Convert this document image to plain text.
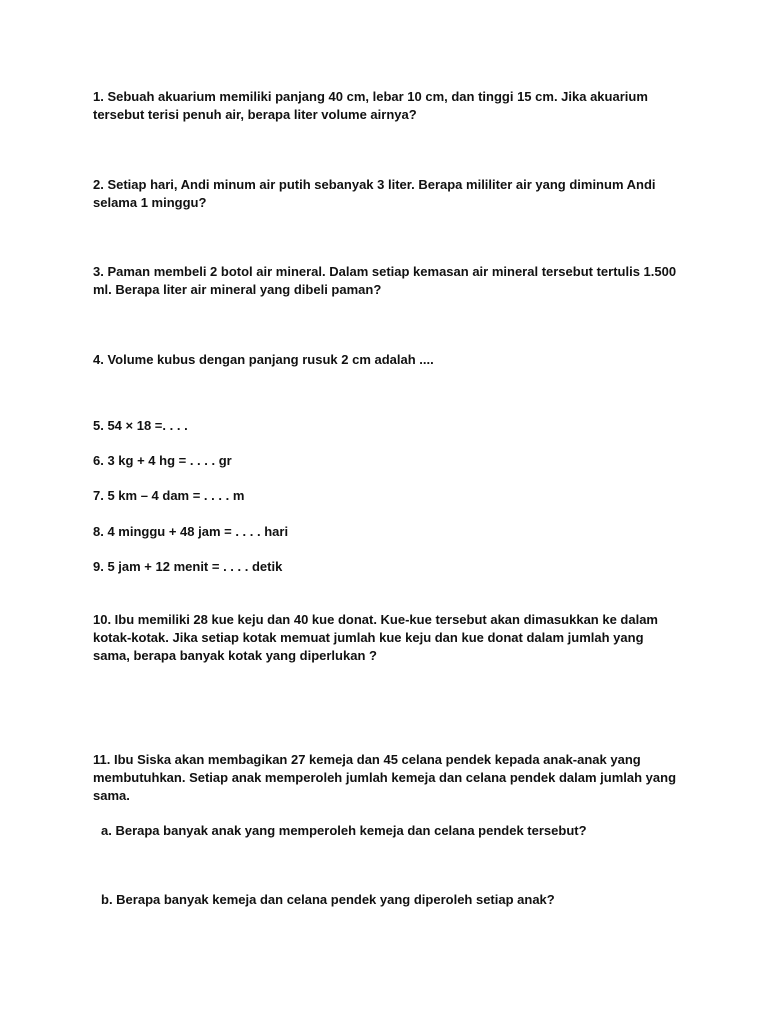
1. Sebuah akuarium memiliki panjang 40 cm, lebar 10 cm, dan tinggi 15 cm. Jika akuarium tersebut terisi penuh air, berapa liter volume airnya?

2. Setiap hari, Andi minum air putih sebanyak 3 liter. Berapa mililiter air yang diminum Andi selama 1 minggu?

3. Paman membeli 2 botol air mineral. Dalam setiap kemasan air mineral tersebut tertulis 1.500 ml. Berapa liter air mineral yang dibeli paman?

4. Volume kubus dengan panjang rusuk 2 cm adalah ....

5. 54 × 18 =. . . .

6. 3 kg + 4 hg = . . . . gr

7. 5 km – 4 dam = . . . . m

8. 4 minggu + 48 jam = . . . . hari

9. 5 jam + 12 menit = . . . . detik

10. Ibu memiliki 28 kue keju dan 40 kue donat. Kue-kue tersebut akan dimasukkan ke dalam kotak-kotak. Jika setiap kotak memuat jumlah kue keju dan kue donat dalam jumlah yang sama, berapa banyak kotak yang diperlukan ?

11. Ibu Siska akan membagikan 27 kemeja dan 45 celana pendek kepada anak-anak yang membutuhkan. Setiap anak memperoleh jumlah kemeja dan celana pendek dalam jumlah yang sama.

a. Berapa banyak anak yang memperoleh kemeja dan celana pendek tersebut?

b. Berapa banyak kemeja dan celana pendek yang diperoleh setiap anak?
